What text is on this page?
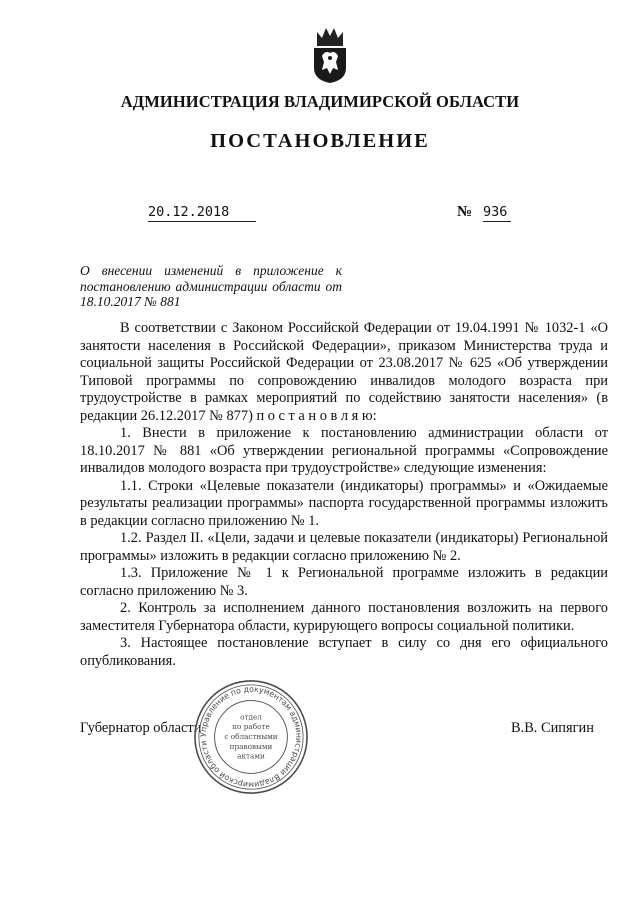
АДМИНИСТРАЦИЯ ВЛАДИМИРСКОЙ ОБЛАСТИ
ПОСТАНОВЛЕНИЕ
20.12.2018	№ 936
О внесении изменений в приложение к постановлению администрации области от 18.10.2017 № 881

В соответствии с Законом Российской Федерации от 19.04.1991 № 1032-1 «О занятости населения в Российской Федерации», приказом Министерства труда и социальной защиты Российской Федерации от 23.08.2017 № 625 «Об утверждении Типовой программы по сопровождению инвалидов молодого возраста при трудоустройстве в рамках мероприятий по содействию занятости населения» (в редакции 26.12.2017 № 877) п о с т а н о в л я ю:

1. Внести в приложение к постановлению администрации области от 18.10.2017 № 881 «Об утверждении региональной программы «Сопровождение инвалидов молодого возраста при трудоустройстве» следующие изменения:

1.1. Строки «Целевые показатели (индикаторы) программы» и «Ожидаемые результаты реализации программы» паспорта государственной программы изложить в редакции согласно приложению № 1.

1.2. Раздел II. «Цели, задачи и целевые показатели (индикаторы) Региональной программы» изложить в редакции согласно приложению № 2.

1.3. Приложение № 1 к Региональной программе изложить в редакции согласно приложению № 3.

2. Контроль за исполнением данного постановления возложить на первого заместителя Губернатора области, курирующего вопросы социальной политики.

3. Настоящее постановление вступает в силу со дня его официального опубликования.

Губернатор области	В.В. Сипягин
Управление по документам администрации Владимирской области
отдел
по работе
с областными
правовыми
актами
